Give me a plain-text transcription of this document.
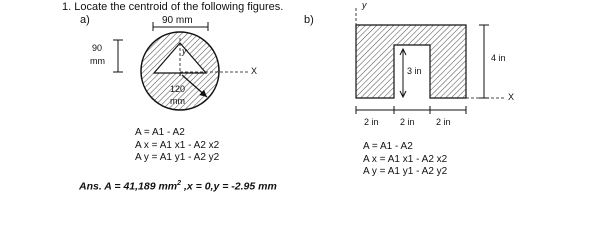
1. Locate the centroid of the following figures.
a)	b)
90 mm
90
mm
y
X
120
mm
A = A1 - A2
A x = A1 x1 - A2 x2
A y = A1 y1 - A2 y2
Ans. A = 41,189 $mm^2$ ,x = 0,y = -2.95 mm
y
X
4 in
3 in
2 in 2 in 2 in
A = A1 - A2
A x = A1 x1 - A2 x2
A y = A1 y1 - A2 y2
